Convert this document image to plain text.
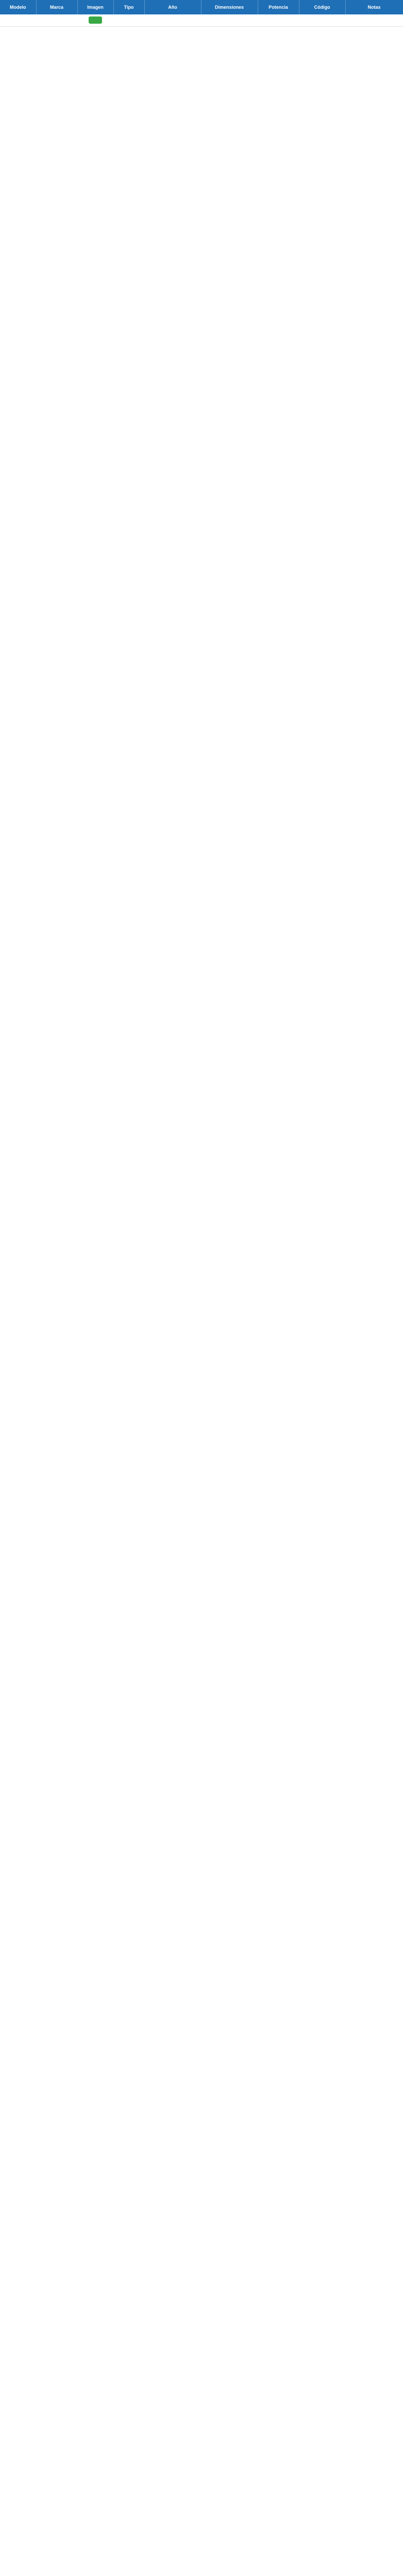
Modelo	Marca	Imagen	Tipo	Año	Dimensiones	Potencia	Código	Notas
